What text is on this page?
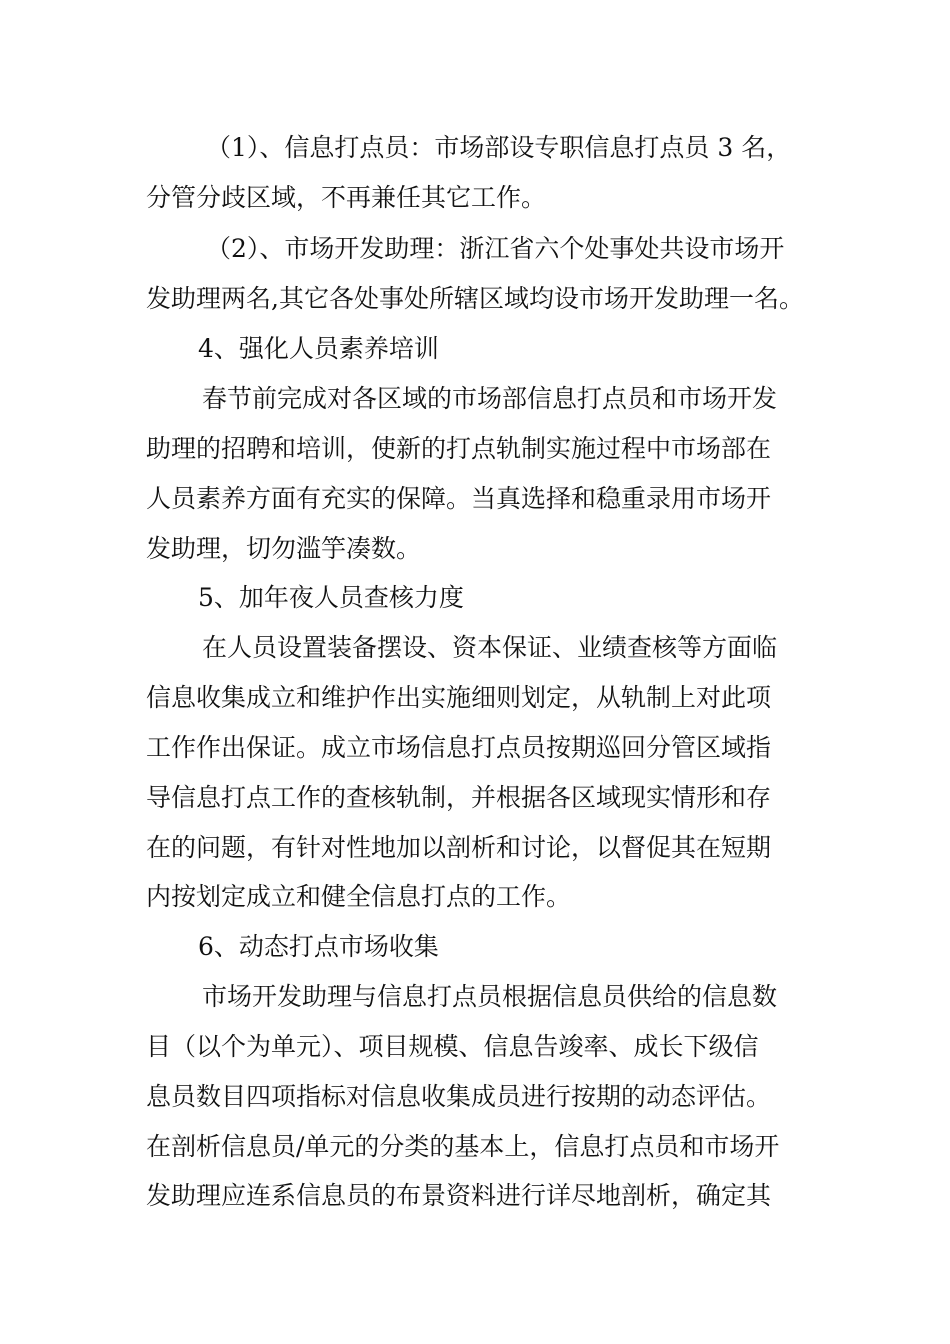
（1）、信息打点员：市场部设专职信息打点员 3 名，
分管分歧区域，不再兼任其它工作。
（2）、市场开发助理：浙江省六个处事处共设市场开
发助理两名,其它各处事处所辖区域均设市场开发助理一名。
4、强化人员素养培训
春节前完成对各区域的市场部信息打点员和市场开发
助理的招聘和培训，使新的打点轨制实施过程中市场部在
人员素养方面有充实的保障。当真选择和稳重录用市场开
发助理，切勿滥竽凑数。
5、加年夜人员查核力度
在人员设置装备摆设、资本保证、业绩查核等方面临
信息收集成立和维护作出实施细则划定，从轨制上对此项
工作作出保证。成立市场信息打点员按期巡回分管区域指
导信息打点工作的查核轨制，并根据各区域现实情形和存
在的问题，有针对性地加以剖析和讨论，以督促其在短期
内按划定成立和健全信息打点的工作。
6、动态打点市场收集
市场开发助理与信息打点员根据信息员供给的信息数
目（以个为单元）、项目规模、信息告竣率、成长下级信
息员数目四项指标对信息收集成员进行按期的动态评估。
在剖析信息员/单元的分类的基本上，信息打点员和市场开
发助理应连系信息员的布景资料进行详尽地剖析，确定其
